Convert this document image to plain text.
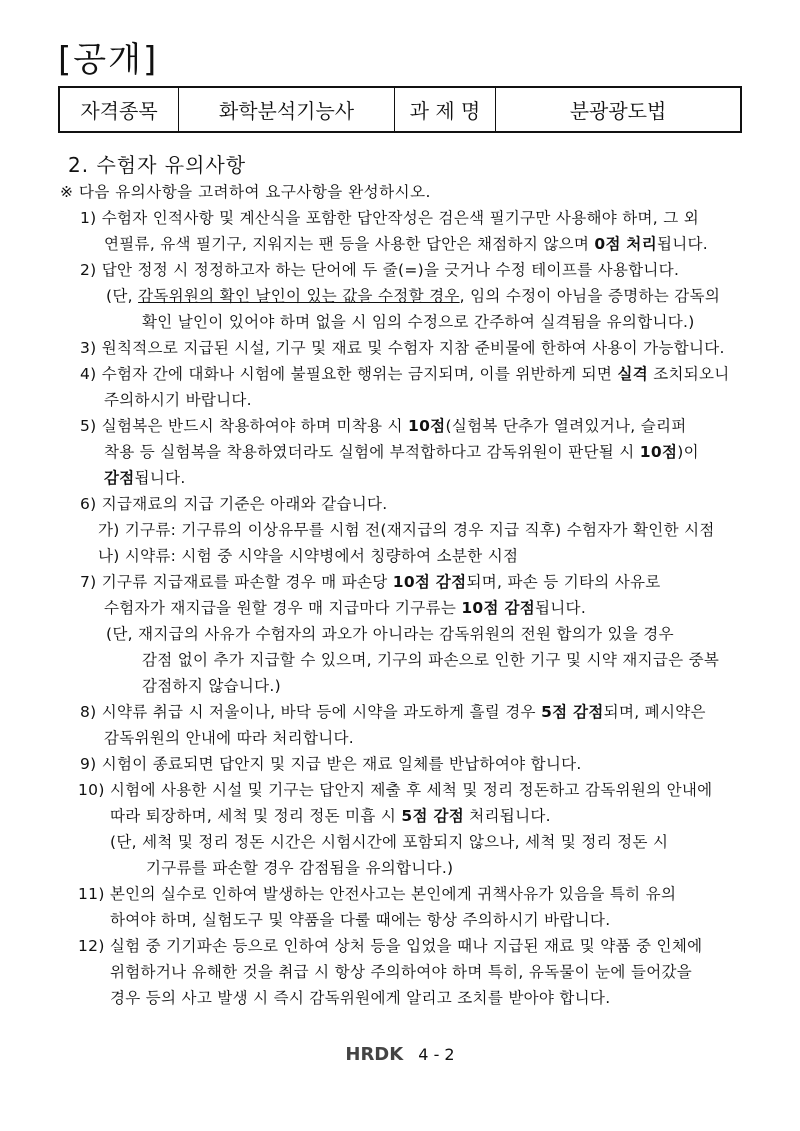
[공개]
자격종목	화학분석기능사	과 제 명	분광광도법
2. 수험자 유의사항
※ 다음 유의사항을 고려하여 요구사항을 완성하시오.
1) 수험자 인적사항 및 계산식을 포함한 답안작성은 검은색 필기구만 사용해야 하며, 그 외
연필류, 유색 필기구, 지워지는 팬 등을 사용한 답안은 채점하지 않으며 0점 처리됩니다.
2) 답안 정정 시 정정하고자 하는 단어에 두 줄(=)을 긋거나 수정 테이프를 사용합니다.
(단, 감독위원의 확인 날인이 있는 값을 수정할 경우, 임의 수정이 아님을 증명하는 감독의
확인 날인이 있어야 하며 없을 시 임의 수정으로 간주하여 실격됨을 유의합니다.)
3) 원칙적으로 지급된 시설, 기구 및 재료 및 수험자 지참 준비물에 한하여 사용이 가능합니다.
4) 수험자 간에 대화나 시험에 불필요한 행위는 금지되며, 이를 위반하게 되면 실격 조치되오니
주의하시기 바랍니다.
5) 실험복은 반드시 착용하여야 하며 미착용 시 10점(실험복 단추가 열려있거나, 슬리퍼
착용 등 실험복을 착용하였더라도 실험에 부적합하다고 감독위원이 판단될 시 10점)이
감점됩니다.
6) 지급재료의 지급 기준은 아래와 같습니다.
가) 기구류: 기구류의 이상유무를 시험 전(재지급의 경우 지급 직후) 수험자가 확인한 시점
나) 시약류: 시험 중 시약을 시약병에서 칭량하여 소분한 시점
7) 기구류 지급재료를 파손할 경우 매 파손당 10점 감점되며, 파손 등 기타의 사유로
수험자가 재지급을 원할 경우 매 지급마다 기구류는 10점 감점됩니다.
(단, 재지급의 사유가 수험자의 과오가 아니라는 감독위원의 전원 합의가 있을 경우
감점 없이 추가 지급할 수 있으며, 기구의 파손으로 인한 기구 및 시약 재지급은 중복
감점하지 않습니다.)
8) 시약류 취급 시 저울이나, 바닥 등에 시약을 과도하게 흘릴 경우 5점 감점되며, 폐시약은
감독위원의 안내에 따라 처리합니다.
9) 시험이 종료되면 답안지 및 지급 받은 재료 일체를 반납하여야 합니다.
10) 시험에 사용한 시설 및 기구는 답안지 제출 후 세척 및 정리 정돈하고 감독위원의 안내에
따라 퇴장하며, 세척 및 정리 정돈 미흡 시 5점 감점 처리됩니다.
(단, 세척 및 정리 정돈 시간은 시험시간에 포함되지 않으나, 세척 및 정리 정돈 시
기구류를 파손할 경우 감점됨을 유의합니다.)
11) 본인의 실수로 인하여 발생하는 안전사고는 본인에게 귀책사유가 있음을 특히 유의
하여야 하며, 실험도구 및 약품을 다룰 때에는 항상 주의하시기 바랍니다.
12) 실험 중 기기파손 등으로 인하여 상처 등을 입었을 때나 지급된 재료 및 약품 중 인체에
위험하거나 유해한 것을 취급 시 항상 주의하여야 하며 특히, 유독물이 눈에 들어갔을
경우 등의 사고 발생 시 즉시 감독위원에게 알리고 조치를 받아야 합니다.
HRDK 4 - 2
